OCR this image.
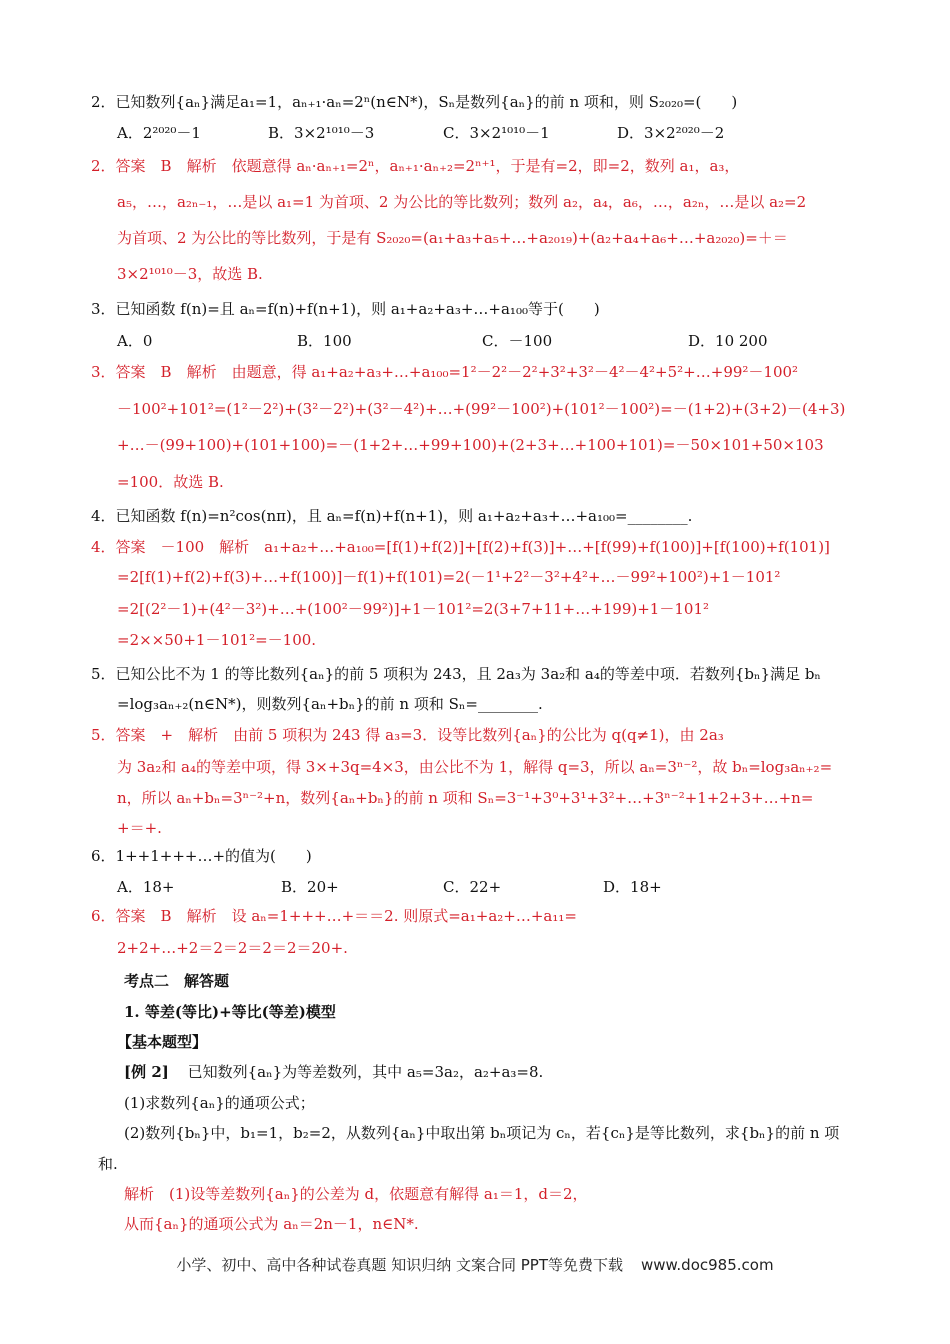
2．已知数列{aₙ}满足a₁=1，aₙ₊₁·aₙ=2ⁿ(n∈N*)，Sₙ是数列{aₙ}的前 n 项和，则 S₂₀₂₀=(　　)
A．2²⁰²⁰－1	B．3×2¹⁰¹⁰－3	C．3×2¹⁰¹⁰－1	D．3×2²⁰²⁰－2
2．答案　B　解析　依题意得 aₙ·aₙ₊₁=2ⁿ，aₙ₊₁·aₙ₊₂=2ⁿ⁺¹，于是有=2，即=2，数列 a₁，a₃，
a₅，…，a₂ₙ₋₁，…是以 a₁=1 为首项、2 为公比的等比数列；数列 a₂，a₄，a₆，…，a₂ₙ，…是以 a₂=2
为首项、2 为公比的等比数列，于是有 S₂₀₂₀=(a₁+a₃+a₅+…+a₂₀₁₉)+(a₂+a₄+a₆+…+a₂₀₂₀)=＋＝
3×2¹⁰¹⁰－3，故选 B.
3．已知函数 f(n)=且 aₙ=f(n)+f(n+1)，则 a₁+a₂+a₃+…+a₁₀₀等于(　　)
A．0	B．100	C．－100	D．10 200
3．答案　B　解析　由题意，得 a₁+a₂+a₃+…+a₁₀₀=1²－2²－2²+3²+3²－4²－4²+5²+…+99²－100²
－100²+101²=(1²－2²)+(3²－2²)+(3²－4²)+…+(99²－100²)+(101²－100²)=－(1+2)+(3+2)－(4+3)
+…－(99+100)+(101+100)=－(1+2+…+99+100)+(2+3+…+100+101)=－50×101+50×103
=100．故选 B.
4．已知函数 f(n)=n²cos(nπ)，且 aₙ=f(n)+f(n+1)，则 a₁+a₂+a₃+…+a₁₀₀=________.
4．答案　－100　解析　a₁+a₂+…+a₁₀₀=[f(1)+f(2)]+[f(2)+f(3)]+…+[f(99)+f(100)]+[f(100)+f(101)]
=2[f(1)+f(2)+f(3)+…+f(100)]－f(1)+f(101)=2(－1¹+2²－3²+4²+…－99²+100²)+1－101²
=2[(2²－1)+(4²－3²)+…+(100²－99²)]+1－101²=2(3+7+11+…+199)+1－101²
=2××50+1－101²=－100.
5．已知公比不为 1 的等比数列{aₙ}的前 5 项积为 243，且 2a₃为 3a₂和 a₄的等差中项．若数列{bₙ}满足 bₙ
=log₃aₙ₊₂(n∈N*)，则数列{aₙ+bₙ}的前 n 项和 Sₙ=________.
5．答案　+　解析　由前 5 项积为 243 得 a₃=3．设等比数列{aₙ}的公比为 q(q≠1)，由 2a₃
为 3a₂和 a₄的等差中项，得 3×+3q=4×3，由公比不为 1，解得 q=3，所以 aₙ=3ⁿ⁻²，故 bₙ=log₃aₙ₊₂=
n，所以 aₙ+bₙ=3ⁿ⁻²+n，数列{aₙ+bₙ}的前 n 项和 Sₙ=3⁻¹+3⁰+3¹+3²+…+3ⁿ⁻²+1+2+3+…+n=
+＝+.
6．1++1+++…+的值为(　　)
A．18+	B．20+	C．22+	D．18+
6．答案　B　解析　设 aₙ=1+++…+＝＝2. 则原式=a₁+a₂+…+a₁₁=
2+2+…+2＝2＝2＝2＝2＝20+.
考点二　解答题
1. 等差(等比)+等比(等差)模型
【基本题型】
[例 2] 已知数列{aₙ}为等差数列，其中 a₅=3a₂，a₂+a₃=8.
(1)求数列{aₙ}的通项公式；
(2)数列{bₙ}中，b₁=1，b₂=2，从数列{aₙ}中取出第 bₙ项记为 cₙ，若{cₙ}是等比数列，求{bₙ}的前 n 项
和.
解析　(1)设等差数列{aₙ}的公差为 d，依题意有解得 a₁＝1，d＝2，
从而{aₙ}的通项公式为 aₙ＝2n－1，n∈N*.
小学、初中、高中各种试卷真题 知识归纳 文案合同 PPT等免费下载 www.doc985.com
